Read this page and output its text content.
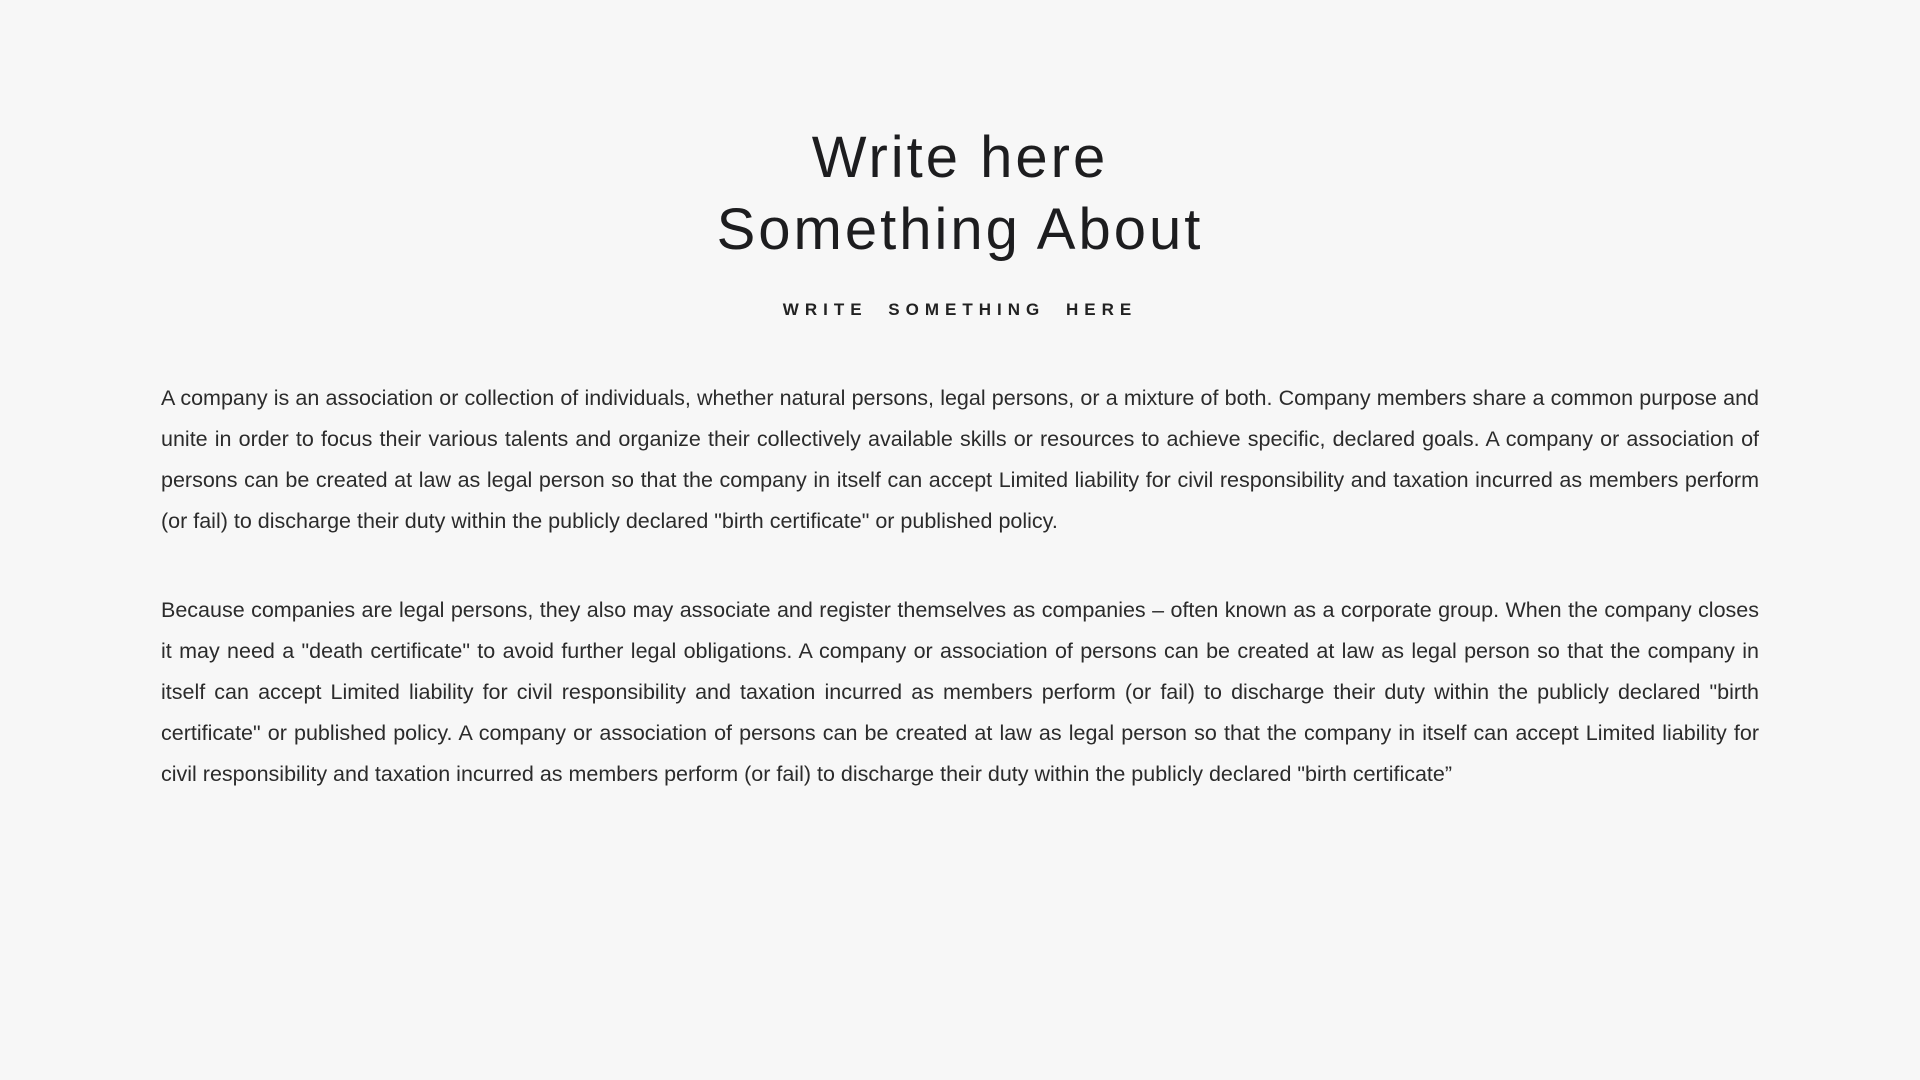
Write here
Something About
WRITE SOMETHING HERE

A company is an association or collection of individuals, whether natural persons, legal persons, or a mixture of both. Company members share a common purpose and unite in order to focus their various talents and organize their collectively available skills or resources to achieve specific, declared goals. A company or association of persons can be created at law as legal person so that the company in itself can accept Limited liability for civil responsibility and taxation incurred as members perform (or fail) to discharge their duty within the publicly declared "birth certificate" or published policy.

Because companies are legal persons, they also may associate and register themselves as companies – often known as a corporate group. When the company closes it may need a "death certificate" to avoid further legal obligations. A company or association of persons can be created at law as legal person so that the company in itself can accept Limited liability for civil responsibility and taxation incurred as members perform (or fail) to discharge their duty within the publicly declared "birth certificate" or published policy. A company or association of persons can be created at law as legal person so that the company in itself can accept Limited liability for civil responsibility and taxation incurred as members perform (or fail) to discharge their duty within the publicly declared "birth certificate”
